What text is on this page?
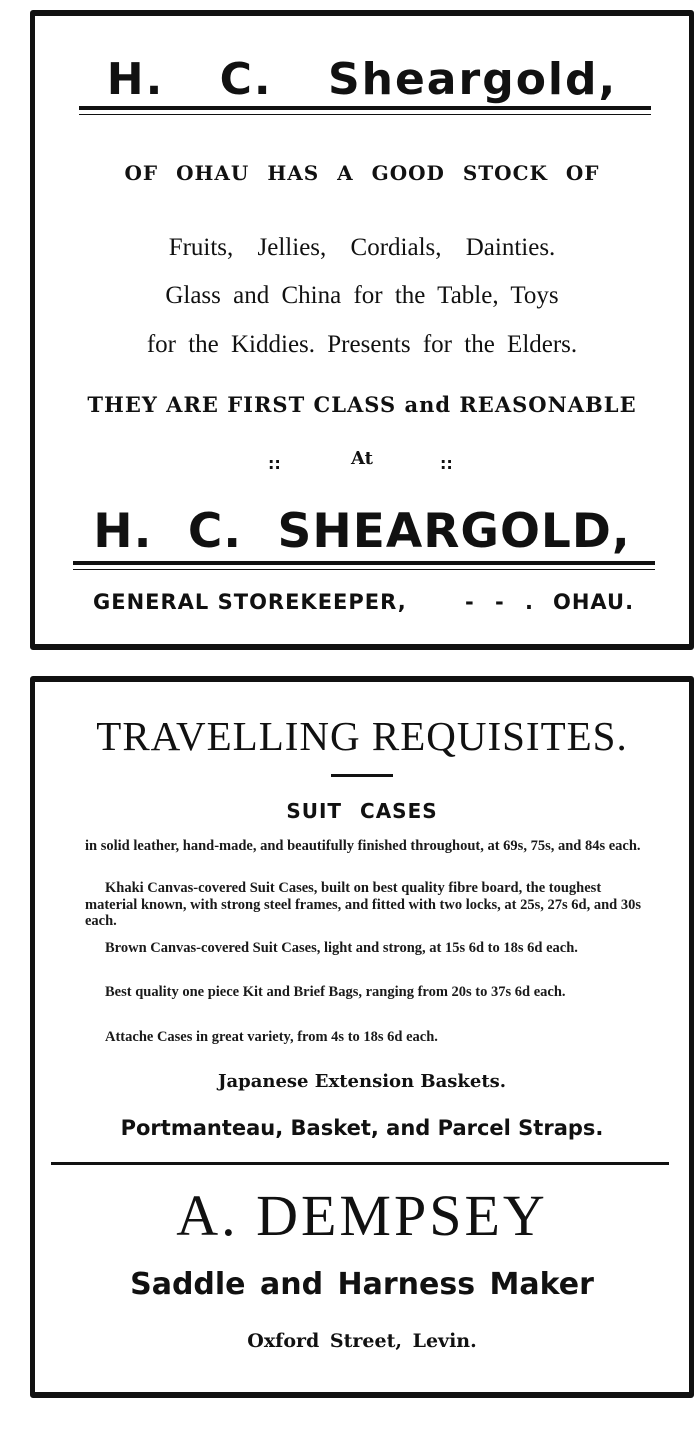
H. C. Sheargold,
OF OHAU HAS A GOOD STOCK OF
Fruits, Jellies, Cordials, Dainties.
Glass and China for the Table, Toys
for the Kiddies. Presents for the Elders.
THEY ARE FIRST CLASS and REASONABLE
::	At	::
H. C. SHEARGOLD,
GENERAL STOREKEEPER,	- - . OHAU.
TRAVELLING REQUISITES.
SUIT CASES
in solid leather, hand-made, and beautifully finished throughout, at 69s, 75s, and 84s each.
Khaki Canvas-covered Suit Cases, built on best quality fibre board, the toughest material known, with strong steel frames, and fitted with two locks, at 25s, 27s 6d, and 30s each.
Brown Canvas-covered Suit Cases, light and strong, at 15s 6d to 18s 6d each.
Best quality one piece Kit and Brief Bags, ranging from 20s to 37s 6d each.
Attache Cases in great variety, from 4s to 18s 6d each.
Japanese Extension Baskets.
Portmanteau, Basket, and Parcel Straps.
A. DEMPSEY
Saddle and Harness Maker
Oxford Street, Levin.
